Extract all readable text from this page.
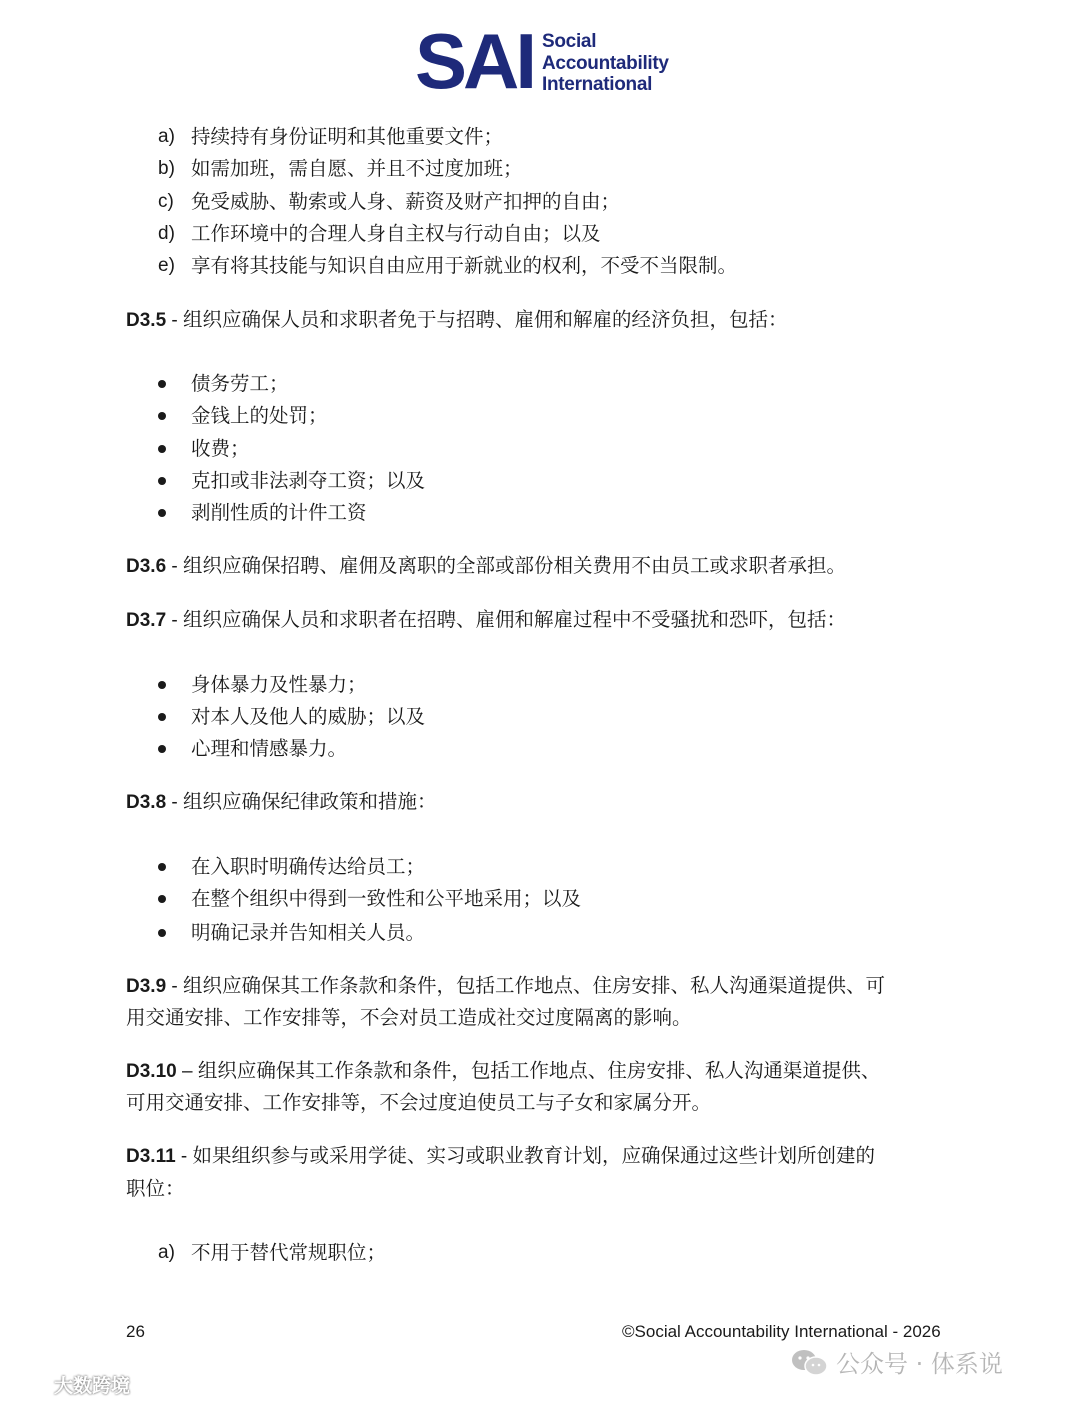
SAI Social
Accountability
International
a) 持续持有身份证明和其他重要文件；
b) 如需加班，需自愿、并且不过度加班；
c) 免受威胁、勒索或人身、薪资及财产扣押的自由；
d) 工作环境中的合理人身自主权与行动自由；以及
e) 享有将其技能与知识自由应用于新就业的权利，不受不当限制。
D3.5 - 组织应确保人员和求职者免于与招聘、雇佣和解雇的经济负担，包括：
债务劳工；
金钱上的处罚；
收费；
克扣或非法剥夺工资；以及
剥削性质的计件工资
D3.6 - 组织应确保招聘、雇佣及离职的全部或部份相关费用不由员工或求职者承担。
D3.7 - 组织应确保人员和求职者在招聘、雇佣和解雇过程中不受骚扰和恐吓，包括：
身体暴力及性暴力；
对本人及他人的威胁；以及
心理和情感暴力。
D3.8 - 组织应确保纪律政策和措施：
在入职时明确传达给员工；
在整个组织中得到一致性和公平地采用；以及
明确记录并告知相关人员。
D3.9 - 组织应确保其工作条款和条件，包括工作地点、住房安排、私人沟通渠道提供、可
用交通安排、工作安排等，不会对员工造成社交过度隔离的影响。
D3.10 – 组织应确保其工作条款和条件，包括工作地点、住房安排、私人沟通渠道提供、
可用交通安排、工作安排等，不会过度迫使员工与子女和家属分开。
D3.11 - 如果组织参与或采用学徒、实习或职业教育计划，应确保通过这些计划所创建的
职位：
a) 不用于替代常规职位；
26	©Social Accountability International - 2026
公众号 · 体系说
大数跨境
